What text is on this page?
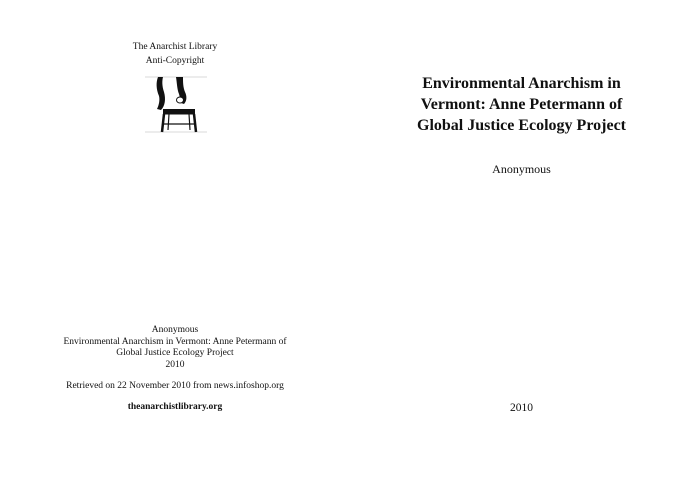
The Anarchist Library
Anti-Copyright
Anonymous
Environmental Anarchism in Vermont: Anne Petermann of
Global Justice Ecology Project
2010
Retrieved on 22 November 2010 from news.infoshop.org
theanarchistlibrary.org
Environmental Anarchism in
Vermont: Anne Petermann of
Global Justice Ecology Project
Anonymous
2010
